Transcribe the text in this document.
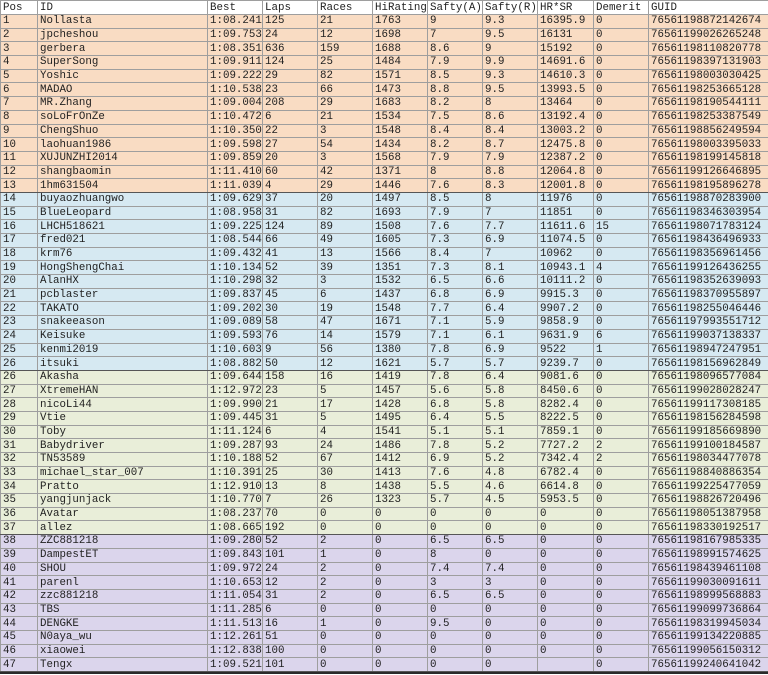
Pos	ID	Best	Laps	Races	HiRating	Safty(A)	Safty(R)	HR*SR	Demerit	GUID
1	Nollasta	1:08.241	125	21	1763	9	9.3	16395.9	0	76561198872142674
2	jpcheshou	1:09.753	24	12	1698	7	9.5	16131	0	76561199026265248
3	gerbera	1:08.351	636	159	1688	8.6	9	15192	0	76561198110820778
4	SuperSong	1:09.911	124	25	1484	7.9	9.9	14691.6	0	76561198397131903
5	Yoshic	1:09.222	29	82	1571	8.5	9.3	14610.3	0	76561198003030425
6	MADAO	1:10.538	23	66	1473	8.8	9.5	13993.5	0	76561198253665128
7	MR.Zhang	1:09.004	208	29	1683	8.2	8	13464	0	76561198190544111
8	soLoFrOnZe	1:10.472	6	21	1534	7.5	8.6	13192.4	0	76561198253387549
9	ChengShuo	1:10.350	22	3	1548	8.4	8.4	13003.2	0	76561198856249594
10	laohuan1986	1:09.598	27	54	1434	8.2	8.7	12475.8	0	76561198003395033
11	XUJUNZHI2014	1:09.859	20	3	1568	7.9	7.9	12387.2	0	76561198199145818
12	shangbaomin	1:11.410	60	42	1371	8	8.8	12064.8	0	76561199126646895
13	1hm631504	1:11.039	4	29	1446	7.6	8.3	12001.8	0	76561198195896278
14	buyaozhuangwo	1:09.629	37	20	1497	8.5	8	11976	0	76561198870283900
15	BlueLeopard	1:08.958	31	82	1693	7.9	7	11851	0	76561198346303954
16	LHCH518621	1:09.225	124	89	1508	7.6	7.7	11611.6	15	76561198071783124
17	fred021	1:08.544	66	49	1605	7.3	6.9	11074.5	0	76561198436496933
18	krm76	1:09.432	41	13	1566	8.4	7	10962	0	76561198356961456
19	HongShengChai	1:10.134	52	39	1351	7.3	8.1	10943.1	4	76561199126436255
20	AlanHX	1:10.298	32	3	1532	6.5	6.6	10111.2	0	76561198352639093
21	pcblaster	1:09.837	45	6	1437	6.8	6.9	9915.3	0	76561198370955897
22	TAKATO	1:09.202	30	19	1548	7.7	6.4	9907.2	0	76561198255046446
23	snakeeason	1:09.089	58	47	1671	7.1	5.9	9858.9	0	76561197993551712
24	Keisuke	1:09.593	76	14	1579	7.1	6.1	9631.9	6	76561199037138337
25	kenmi2019	1:10.603	9	56	1380	7.8	6.9	9522	1	76561198947247951
26	itsuki	1:08.882	50	12	1621	5.7	5.7	9239.7	0	76561198156962849
26	Akasha	1:09.644	158	16	1419	7.8	6.4	9081.6	0	76561198096577084
27	XtremeHAN	1:12.972	23	5	1457	5.6	5.8	8450.6	0	76561199028028247
28	nicoLi44	1:09.990	21	17	1428	6.8	5.8	8282.4	0	76561199117308185
29	Vtie	1:09.445	31	5	1495	6.4	5.5	8222.5	0	76561198156284598
30	Toby	1:11.124	6	4	1541	5.1	5.1	7859.1	0	76561199185669890
31	Babydriver	1:09.287	93	24	1486	7.8	5.2	7727.2	2	76561199100184587
32	TN53589	1:10.188	52	67	1412	6.9	5.2	7342.4	2	76561198034477078
33	michael_star_007	1:10.391	25	30	1413	7.6	4.8	6782.4	0	76561198840886354
34	Pratto	1:12.910	13	8	1438	5.5	4.6	6614.8	0	76561199225477059
35	yangjunjack	1:10.770	7	26	1323	5.7	4.5	5953.5	0	76561198826720496
36	Avatar	1:08.237	70	0	0	0	0	0	0	76561198051387958
37	allez	1:08.665	192	0	0	0	0	0	0	76561198330192517
38	ZZC881218	1:09.280	52	2	0	6.5	6.5	0	0	76561198167985335
39	DampestET	1:09.843	101	1	0	8	0	0	0	76561198991574625
40	SHOU	1:09.972	24	2	0	7.4	7.4	0	0	76561198439461108
41	parenl	1:10.653	12	2	0	3	3	0	0	76561199030091611
42	zzc881218	1:11.054	31	2	0	6.5	6.5	0	0	76561198999568883
43	TBS	1:11.285	6	0	0	0	0	0	0	76561199099736864
44	DENGKE	1:11.513	16	1	0	9.5	0	0	0	76561198319945034
45	N0aya_wu	1:12.261	51	0	0	0	0	0	0	76561199134220885
46	xiaowei	1:12.838	100	0	0	0	0	0	0	76561199056150312
47	Tengx	1:09.521	101	0	0	0	0		0	76561199240641042
